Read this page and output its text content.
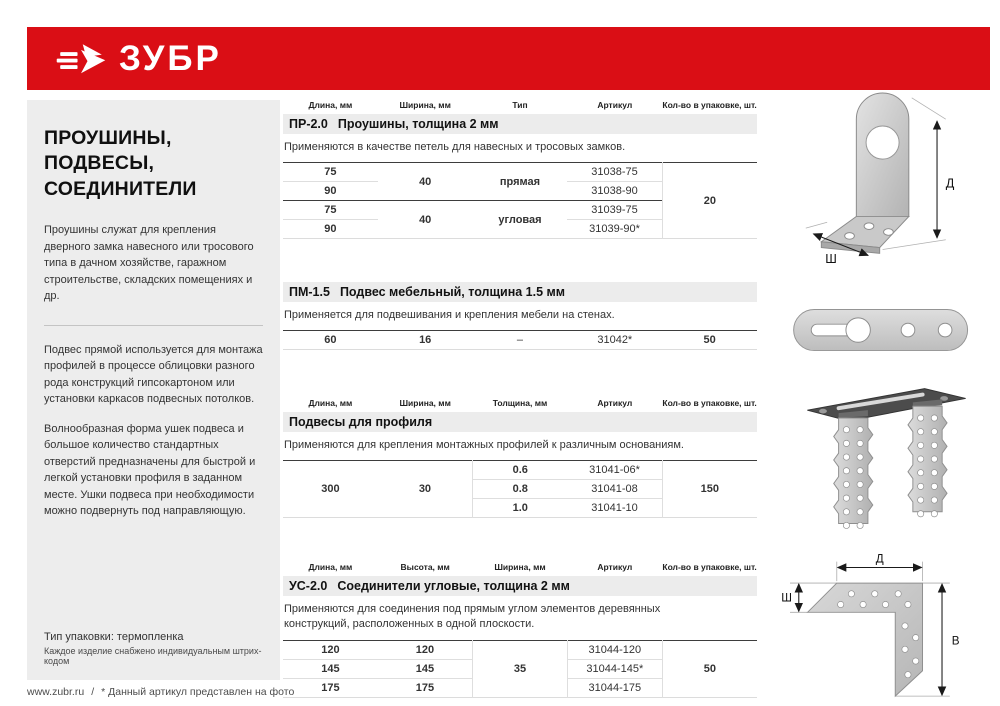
ЗУБР
ПРОУШИНЫ,
ПОДВЕСЫ,
СОЕДИНИТЕЛИ

Проушины служат для крепления дверного замка навесного или тросового типа в дачном хозяйстве, гаражном строительстве, складских помещениях и др.

Подвес прямой используется для монтажа профилей в процессе облицовки разного рода конструкций гипсокартоном или установки каркасов подвесных потолков.

Волнообразная форма ушек подвеса и большое количество стандартных отверстий предназначены для быстрой и легкой установки профиля в заданном месте. Ушки подвеса при необходимости можно подвернуть под направляющую.

Тип упаковки: термопленка
Каждое изделие снабжено индивидуальным штрих-кодом
Длина, мм	Ширина, мм	Тип	Артикул	Кол-во в упаковке, шт.
ПР-2.0 Проушины, толщина 2 мм
Применяются в качестве петель для навесных и тросовых замков.
75	40	прямая	31038-75	20
90			31038-90	
75	40	угловая	31039-75	
90			31039-90*	
ПМ-1.5 Подвес мебельный, толщина 1.5 мм
Применяется для подвешивания и крепления мебели на стенах.
60	16	–	31042*	50
Длина, мм	Ширина, мм	Толщина, мм	Артикул	Кол-во в упаковке, шт.
Подвесы для профиля
Применяются для крепления монтажных профилей к различным основаниям.
300	30	0.6	31041-06*	150
		0.8	31041-08	
		1.0	31041-10	
Длина, мм	Высота, мм	Ширина, мм	Артикул	Кол-во в упаковке, шт.
УС-2.0 Соединители угловые, толщина 2 мм
Применяются для соединения под прямым углом элементов деревянных конструкций, расположенных в одной плоскости.
120	120	35	31044-120	50
145	145		31044-145*	
175	175		31044-175	
Д
Ш
Д
Ш
В
www.zubr.ru / * Данный артикул представлен на фото
